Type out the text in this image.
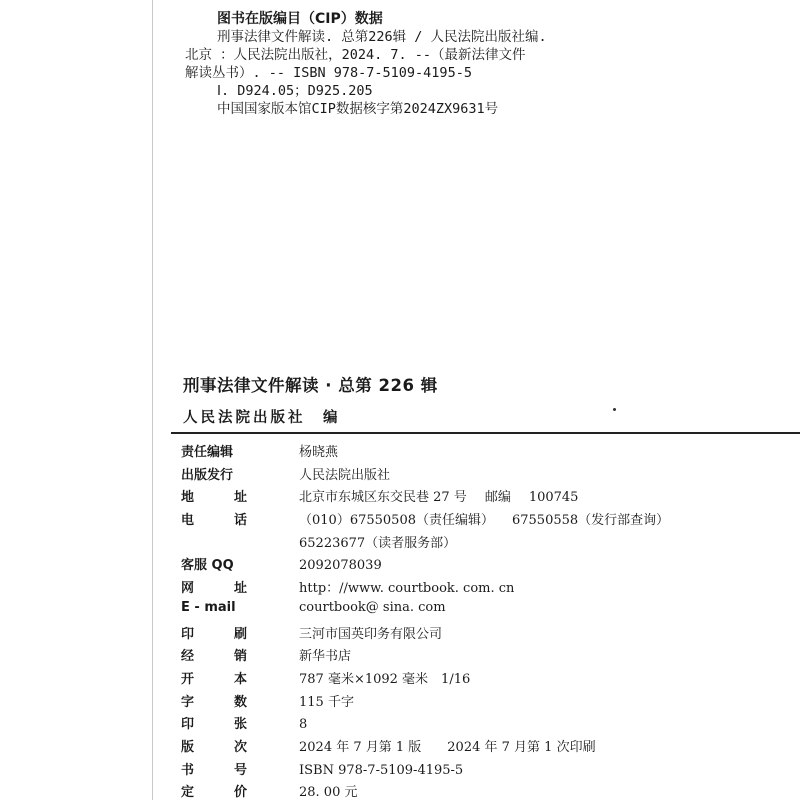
图书在版编目（CIP）数据
刑事法律文件解读. 总第226辑 / 人民法院出版社编.
北京 ：人民法院出版社，2024. 7. --（最新法律文件
解读丛书）. -- ISBN 978-7-5109-4195-5
Ⅰ. D924.05；D925.205
中国国家版本馆CIP数据核字第2024ZX9631号
刑事法律文件解读 · 总第 226 辑
人民法院出版社　编
责任编辑	杨晓燕
出版发行	人民法院出版社
地	址	北京市东城区东交民巷 27 号 邮编 100745
电	话	（010）67550508（责任编辑） 67550558（发行部查询）
65223677（读者服务部）
客服 QQ	2092078039
网	址	http：//www. courtbook. com. cn
E - mail	courtbook@ sina. com
印	刷	三河市国英印务有限公司
经	销	新华书店
开	本	787 毫米×1092 毫米　1/16
字	数	115 千字
印	张	8
版	次	2024 年 7 月第 1 版　　2024 年 7 月第 1 次印刷
书	号	ISBN 978-7-5109-4195-5
定	价	28. 00 元
